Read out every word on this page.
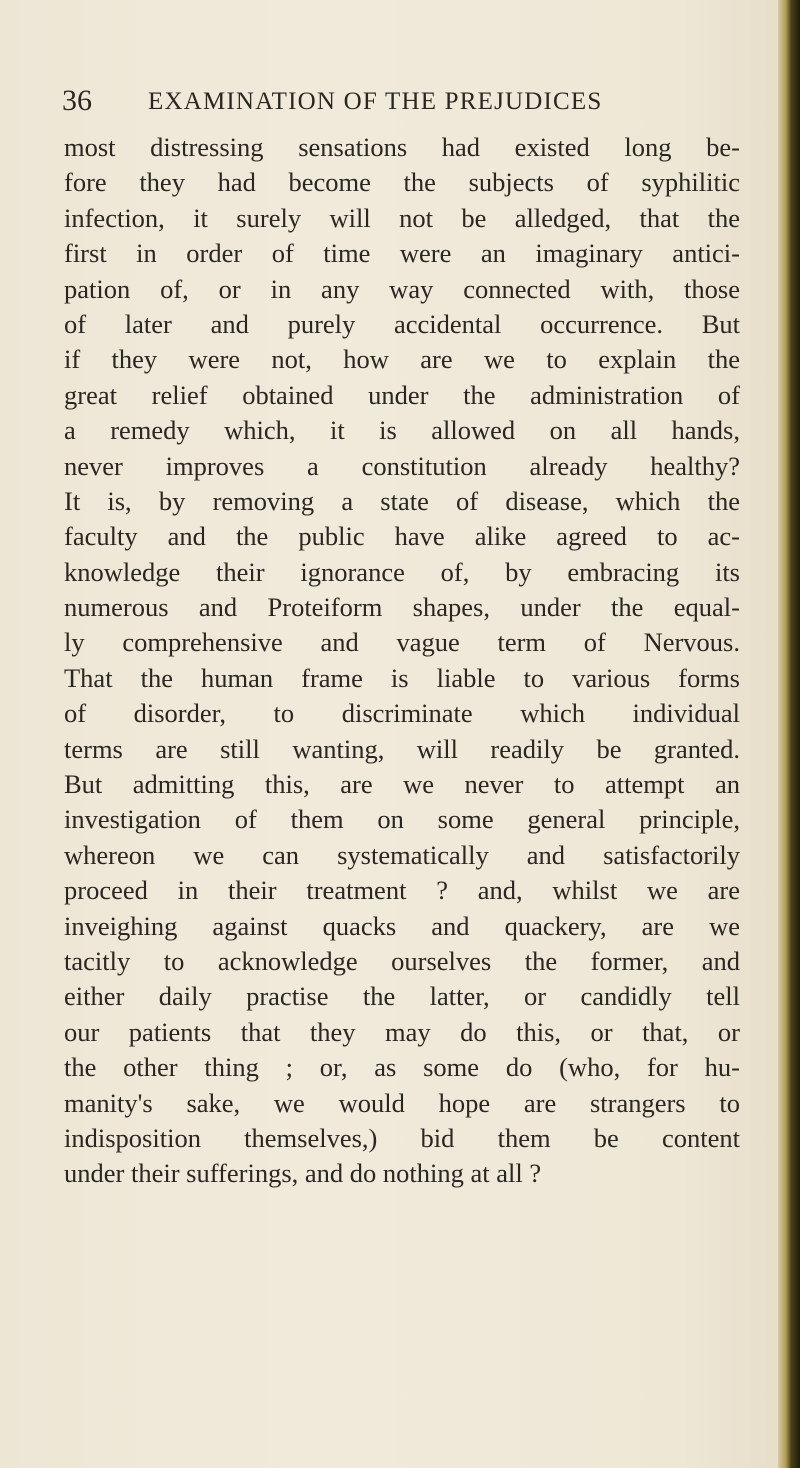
36 EXAMINATION OF THE PREJUDICES
most distressing sensations had existed long be-
fore they had become the subjects of syphilitic
infection, it surely will not be alledged, that the
first in order of time were an imaginary antici-
pation of, or in any way connected with, those
of later and purely accidental occurrence. But
if they were not, how are we to explain the
great relief obtained under the administration of
a remedy which, it is allowed on all hands,
never improves a constitution already healthy?
It is, by removing a state of disease, which the
faculty and the public have alike agreed to ac-
knowledge their ignorance of, by embracing its
numerous and Proteiform shapes, under the equal-
ly comprehensive and vague term of Nervous.
That the human frame is liable to various forms
of disorder, to discriminate which individual
terms are still wanting, will readily be granted.
But admitting this, are we never to attempt an
investigation of them on some general principle,
whereon we can systematically and satisfactorily
proceed in their treatment ? and, whilst we are
inveighing against quacks and quackery, are we
tacitly to acknowledge ourselves the former, and
either daily practise the latter, or candidly tell
our patients that they may do this, or that, or
the other thing ; or, as some do (who, for hu-
manity's sake, we would hope are strangers to
indisposition themselves,) bid them be content
under their sufferings, and do nothing at all ?
